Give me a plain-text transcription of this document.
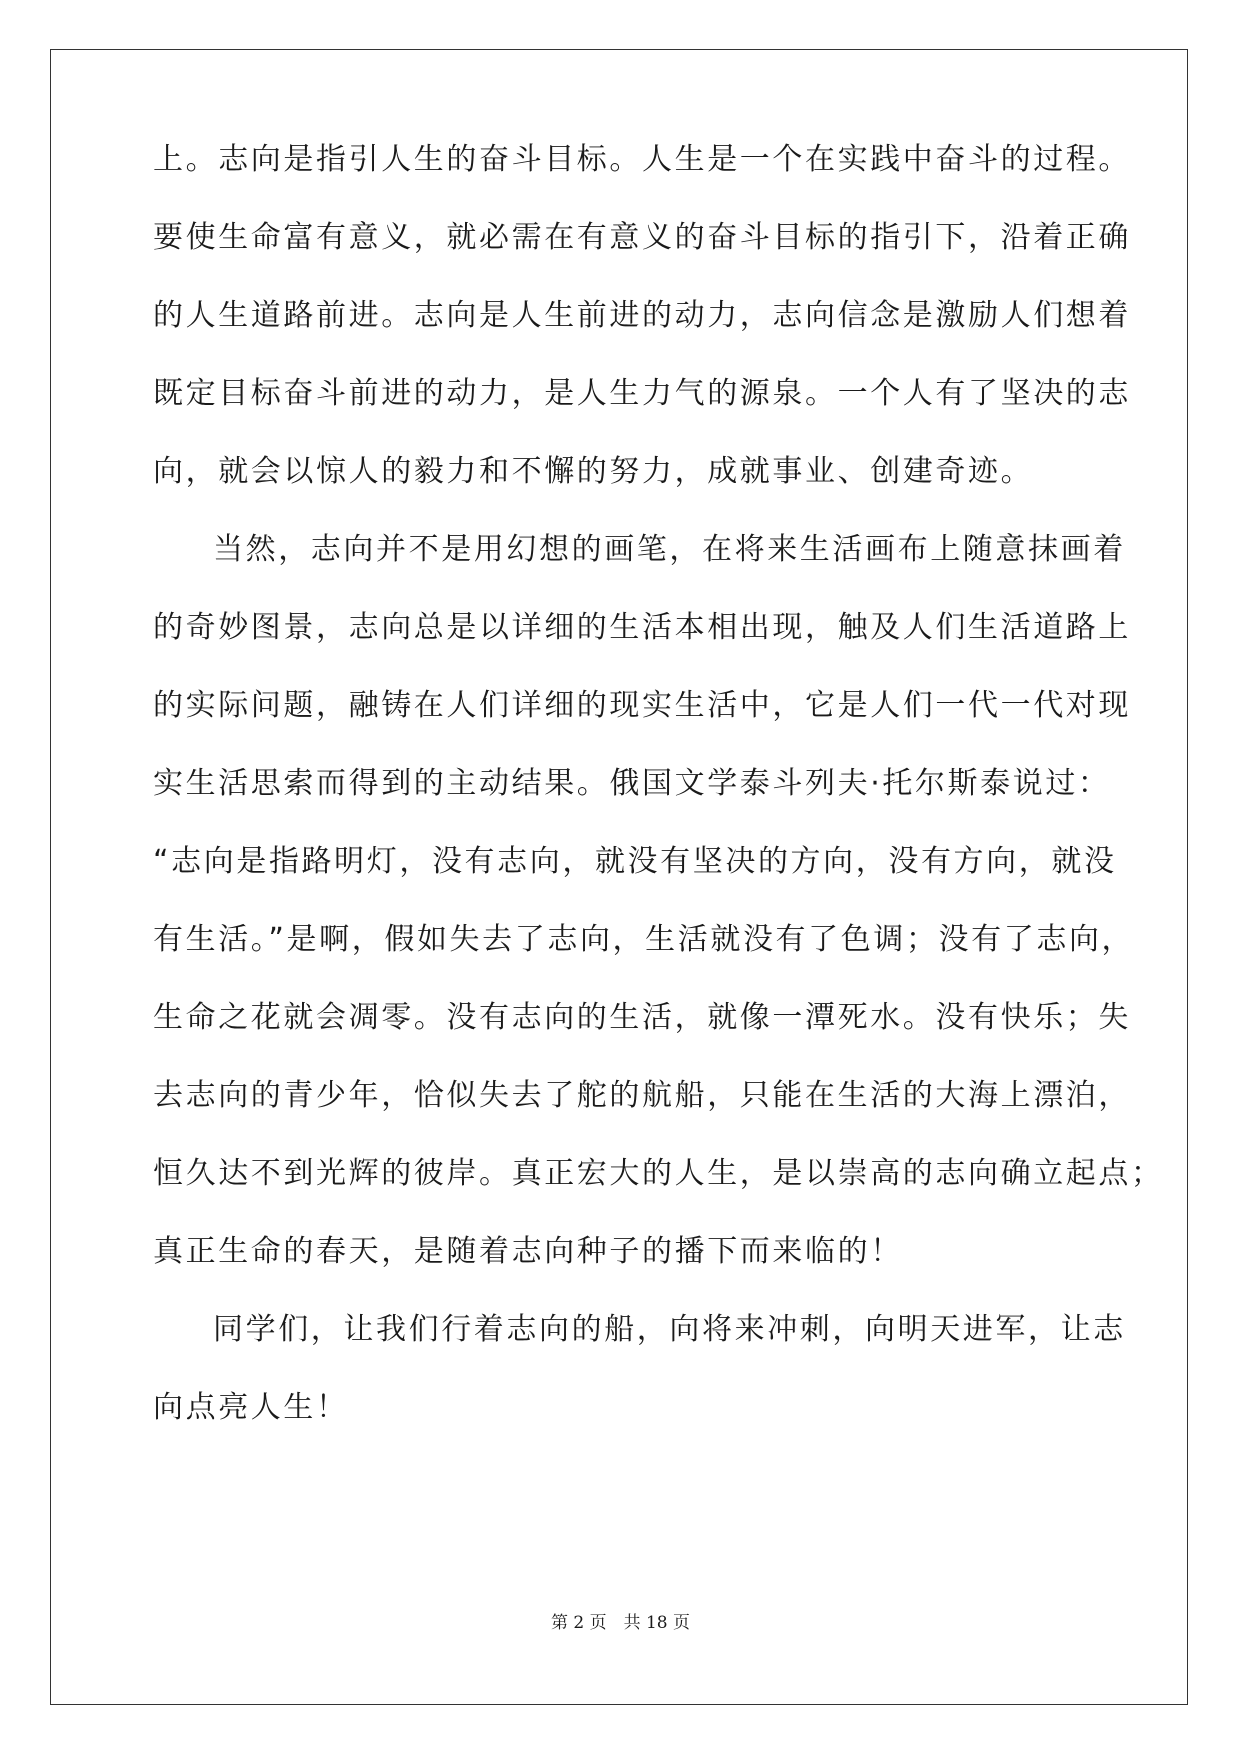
上。志向是指引人生的奋斗目标。人生是一个在实践中奋斗的过程。
要使生命富有意义，就必需在有意义的奋斗目标的指引下，沿着正确
的人生道路前进。志向是人生前进的动力，志向信念是激励人们想着
既定目标奋斗前进的动力，是人生力气的源泉。一个人有了坚决的志
向，就会以惊人的毅力和不懈的努力，成就事业、创建奇迹。
当然，志向并不是用幻想的画笔，在将来生活画布上随意抹画着
的奇妙图景，志向总是以详细的生活本相出现，触及人们生活道路上
的实际问题，融铸在人们详细的现实生活中，它是人们一代一代对现
实生活思索而得到的主动结果。俄国文学泰斗列夫·托尔斯泰说过：
“志向是指路明灯，没有志向，就没有坚决的方向，没有方向，就没
有生活。”是啊，假如失去了志向，生活就没有了色调；没有了志向，
生命之花就会凋零。没有志向的生活，就像一潭死水。没有快乐；失
去志向的青少年，恰似失去了舵的航船，只能在生活的大海上漂泊，
恒久达不到光辉的彼岸。真正宏大的人生，是以崇高的志向确立起点；
真正生命的春天，是随着志向种子的播下而来临的！
同学们，让我们行着志向的船，向将来冲刺，向明天进军，让志
向点亮人生！
第 2 页　共 18 页
